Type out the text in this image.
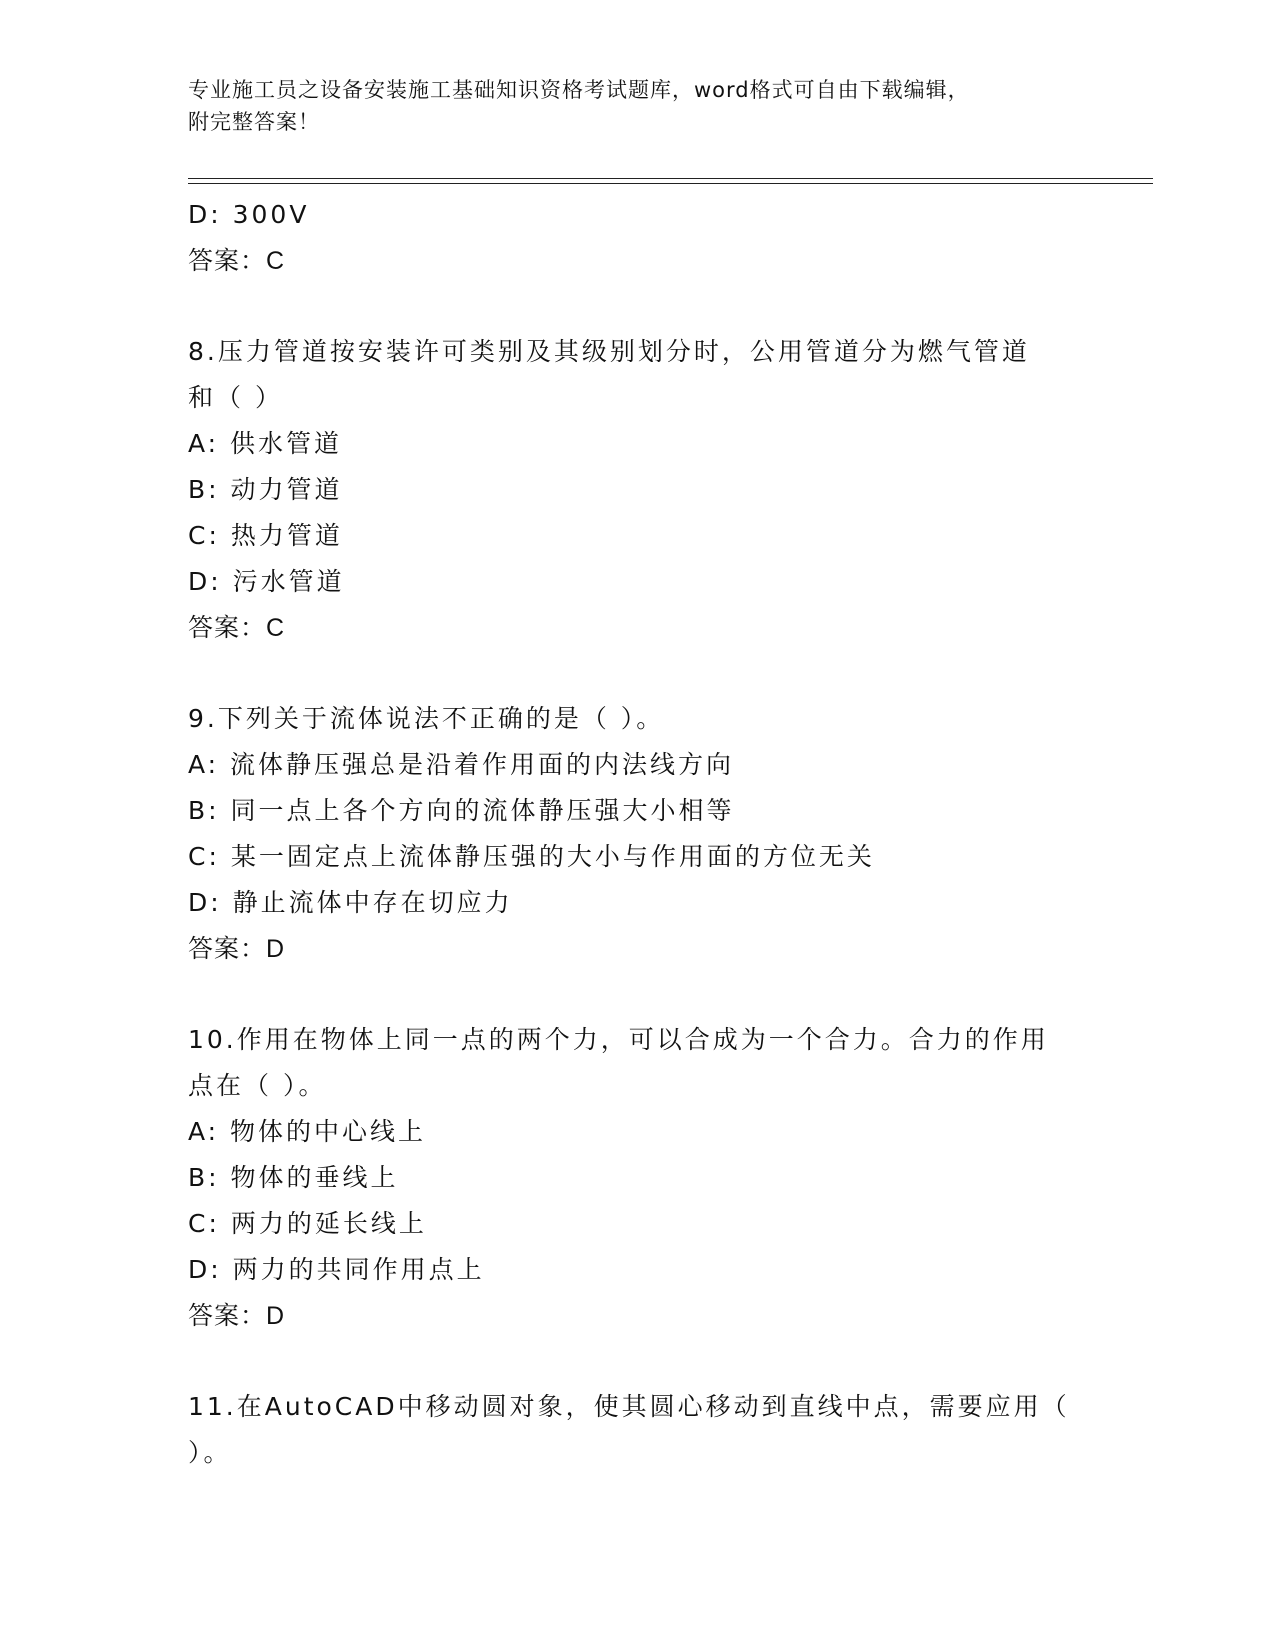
专业施工员之设备安装施工基础知识资格考试题库，word格式可自由下载编辑，
附完整答案！
D: 300V
答案：C
8.压力管道按安装许可类别及其级别划分时，公用管道分为燃气管道
和（ ）
A: 供水管道
B: 动力管道
C: 热力管道
D: 污水管道
答案：C
9.下列关于流体说法不正确的是（ ）。
A: 流体静压强总是沿着作用面的内法线方向
B: 同一点上各个方向的流体静压强大小相等
C: 某一固定点上流体静压强的大小与作用面的方位无关
D: 静止流体中存在切应力
答案：D
10.作用在物体上同一点的两个力，可以合成为一个合力。合力的作用
点在（ ）。
A: 物体的中心线上
B: 物体的垂线上
C: 两力的延长线上
D: 两力的共同作用点上
答案：D
11.在AutoCAD中移动圆对象，使其圆心移动到直线中点，需要应用（
）。
